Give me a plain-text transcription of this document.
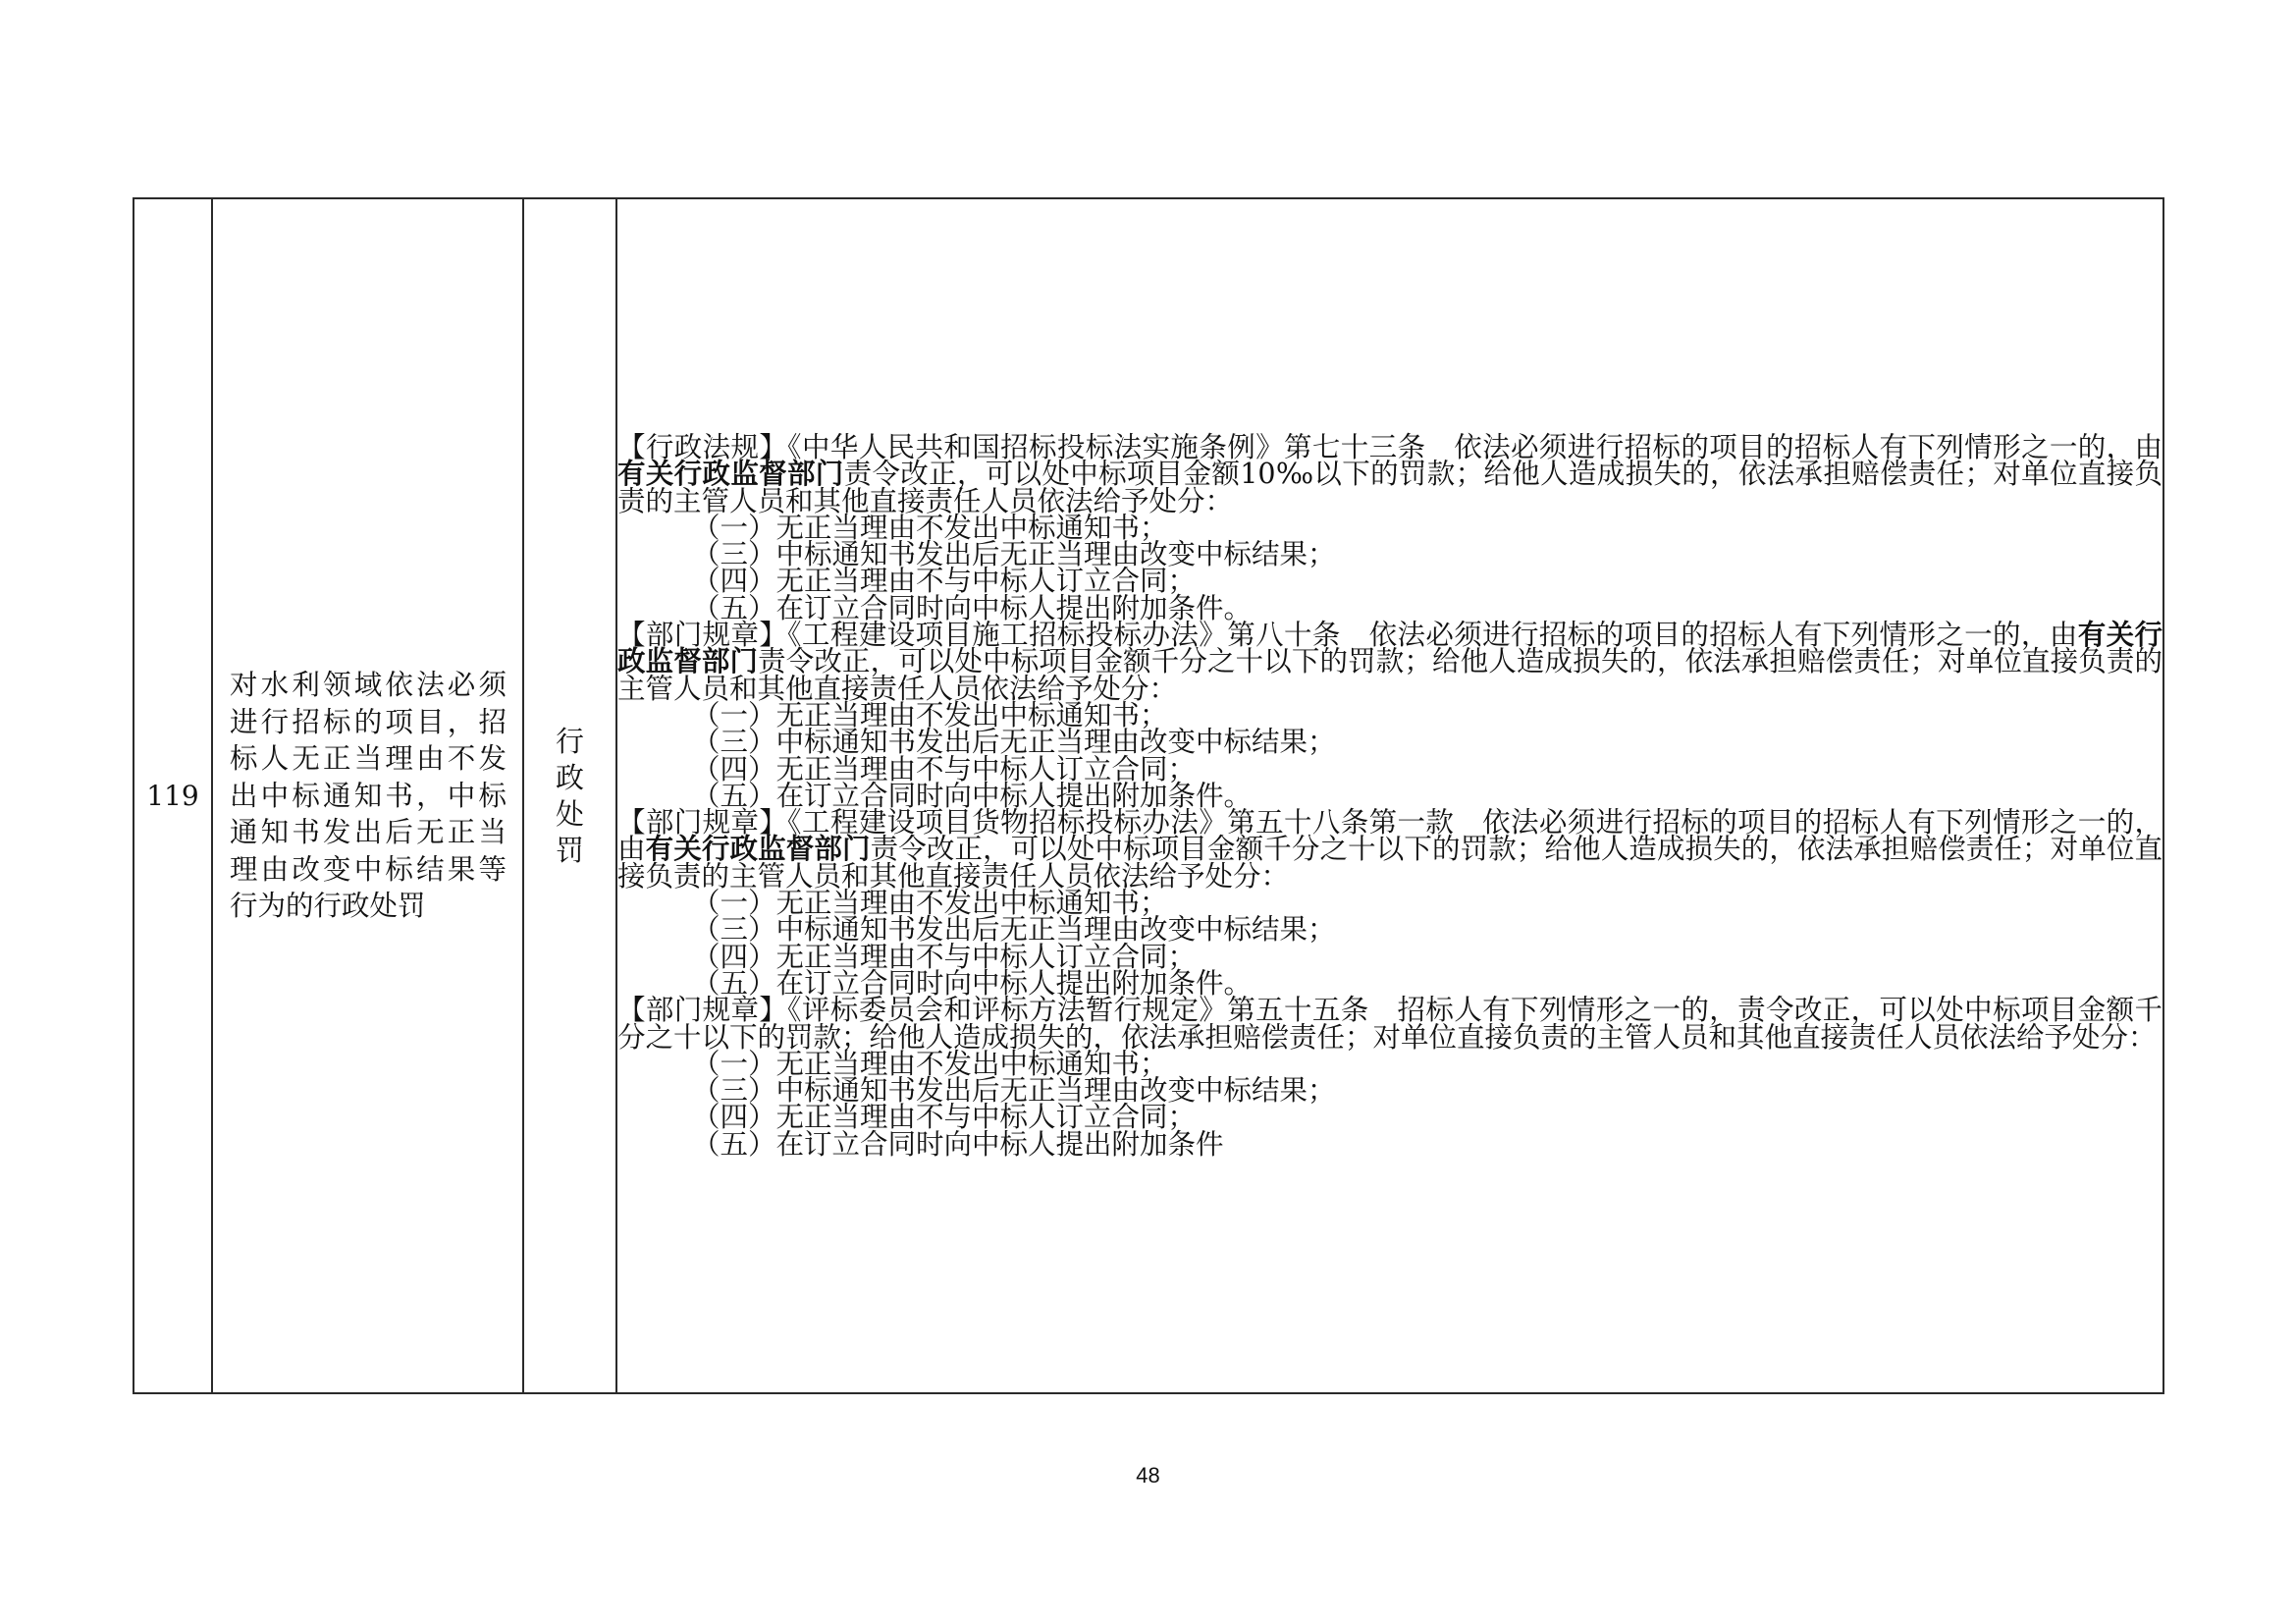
119	
对水利领域依法必须进行招标的项目，招标人无正当理由不发出中标通知书，中标通知书发出后无正当理由改变中标结果等行为的行政处罚

行政处罚

【行政法规】《中华人民共和国招标投标法实施条例》第七十三条　依法必须进行招标的项目的招标人有下列情形之一的，由有关行政监督部门责令改正，可以处中标项目金额10‰以下的罚款；给他人造成损失的，依法承担赔偿责任；对单位直接负责的主管人员和其他直接责任人员依法给予处分：

（一）无正当理由不发出中标通知书；

（三）中标通知书发出后无正当理由改变中标结果；

（四）无正当理由不与中标人订立合同；

（五）在订立合同时向中标人提出附加条件。

【部门规章】《工程建设项目施工招标投标办法》第八十条　依法必须进行招标的项目的招标人有下列情形之一的，由有关行政监督部门责令改正，可以处中标项目金额千分之十以下的罚款；给他人造成损失的，依法承担赔偿责任；对单位直接负责的主管人员和其他直接责任人员依法给予处分：

（一）无正当理由不发出中标通知书；

（三）中标通知书发出后无正当理由改变中标结果；

（四）无正当理由不与中标人订立合同；

（五）在订立合同时向中标人提出附加条件。

【部门规章】《工程建设项目货物招标投标办法》第五十八条第一款　依法必须进行招标的项目的招标人有下列情形之一的，由有关行政监督部门责令改正，可以处中标项目金额千分之十以下的罚款；给他人造成损失的，依法承担赔偿责任；对单位直接负责的主管人员和其他直接责任人员依法给予处分：

（一）无正当理由不发出中标通知书；

（三）中标通知书发出后无正当理由改变中标结果；

（四）无正当理由不与中标人订立合同；

（五）在订立合同时向中标人提出附加条件。

【部门规章】《评标委员会和评标方法暂行规定》第五十五条　招标人有下列情形之一的，责令改正，可以处中标项目金额千分之十以下的罚款；给他人造成损失的，依法承担赔偿责任；对单位直接负责的主管人员和其他直接责任人员依法给予处分：

（一）无正当理由不发出中标通知书；

（三）中标通知书发出后无正当理由改变中标结果；

（四）无正当理由不与中标人订立合同；

（五）在订立合同时向中标人提出附加条件

48
